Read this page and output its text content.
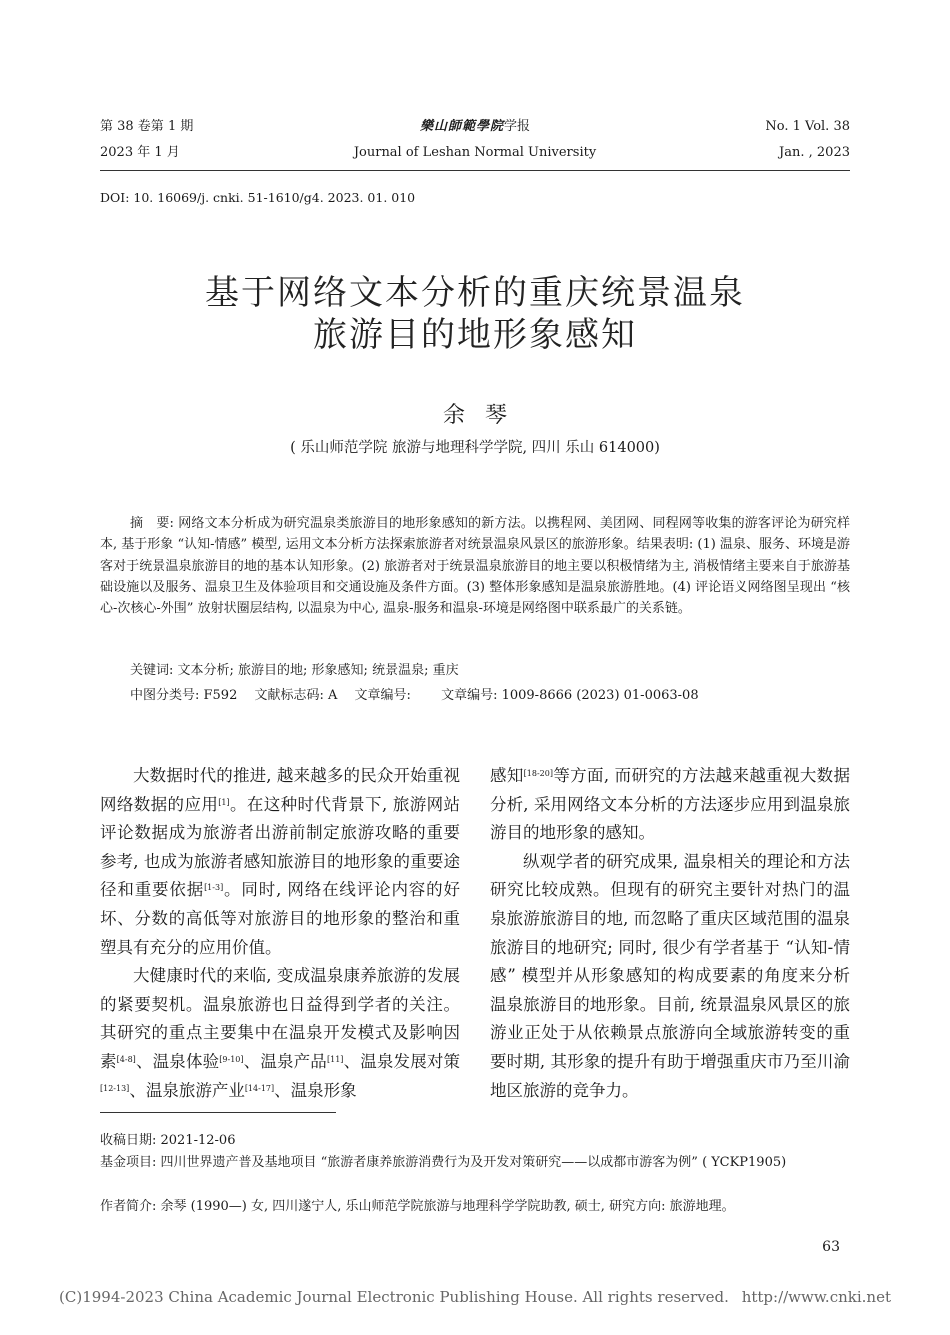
第 38 卷第 1 期
2023 年 1 月
樂山師範學院学报
Journal of Leshan Normal University
No. 1 Vol. 38
Jan. , 2023
DOI: 10. 16069/j. cnki. 51-1610/g4. 2023. 01. 010
基于网络文本分析的重庆统景温泉
旅游目的地形象感知
余琴
( 乐山师范学院 旅游与地理科学学院, 四川 乐山 614000)
摘　要: 网络文本分析成为研究温泉类旅游目的地形象感知的新方法。以携程网、美团网、同程网等收集的游客评论为研究样本, 基于形象 “认知-情感” 模型, 运用文本分析方法探索旅游者对统景温泉风景区的旅游形象。结果表明: (1) 温泉、服务、环境是游客对于统景温泉旅游目的地的基本认知形象。(2) 旅游者对于统景温泉旅游目的地主要以积极情绪为主, 消极情绪主要来自于旅游基础设施以及服务、温泉卫生及体验项目和交通设施及条件方面。(3) 整体形象感知是温泉旅游胜地。(4) 评论语义网络图呈现出 “核心-次核心-外围” 放射状圈层结构, 以温泉为中心, 温泉-服务和温泉-环境是网络图中联系最广的关系链。
关键词: 文本分析; 旅游目的地; 形象感知; 统景温泉; 重庆
中图分类号: F592  文献标志码: A  文章编号:   文章编号: 1009-8666 (2023) 01-0063-08

大数据时代的推进, 越来越多的民众开始重视网络数据的应用[1]。在这种时代背景下, 旅游网站评论数据成为旅游者出游前制定旅游攻略的重要参考, 也成为旅游者感知旅游目的地形象的重要途径和重要依据[1-3]。同时, 网络在线评论内容的好坏、分数的高低等对旅游目的地形象的整治和重塑具有充分的应用价值。

大健康时代的来临, 变成温泉康养旅游的发展的紧要契机。温泉旅游也日益得到学者的关注。其研究的重点主要集中在温泉开发模式及影响因素[4-8]、温泉体验[9-10]、温泉产品[11]、温泉发展对策[12-13]、温泉旅游产业[14-17]、温泉形象

感知[18-20]等方面, 而研究的方法越来越重视大数据分析, 采用网络文本分析的方法逐步应用到温泉旅游目的地形象的感知。

纵观学者的研究成果, 温泉相关的理论和方法研究比较成熟。但现有的研究主要针对热门的温泉旅游旅游目的地, 而忽略了重庆区域范围的温泉旅游目的地研究; 同时, 很少有学者基于 “认知-情感” 模型并从形象感知的构成要素的角度来分析温泉旅游目的地形象。目前, 统景温泉风景区的旅游业正处于从依赖景点旅游向全域旅游转变的重要时期, 其形象的提升有助于增强重庆市乃至川渝地区旅游的竞争力。

收稿日期: 2021-12-06
基金项目: 四川世界遗产普及基地项目 “旅游者康养旅游消费行为及开发对策研究——以成都市游客为例” ( YCKP1905)
作者简介: 余琴 (1990—) 女, 四川遂宁人, 乐山师范学院旅游与地理科学学院助教, 硕士, 研究方向: 旅游地理。
63
(C)1994-2023 China Academic Journal Electronic Publishing House. All rights reserved. http://www.cnki.net
